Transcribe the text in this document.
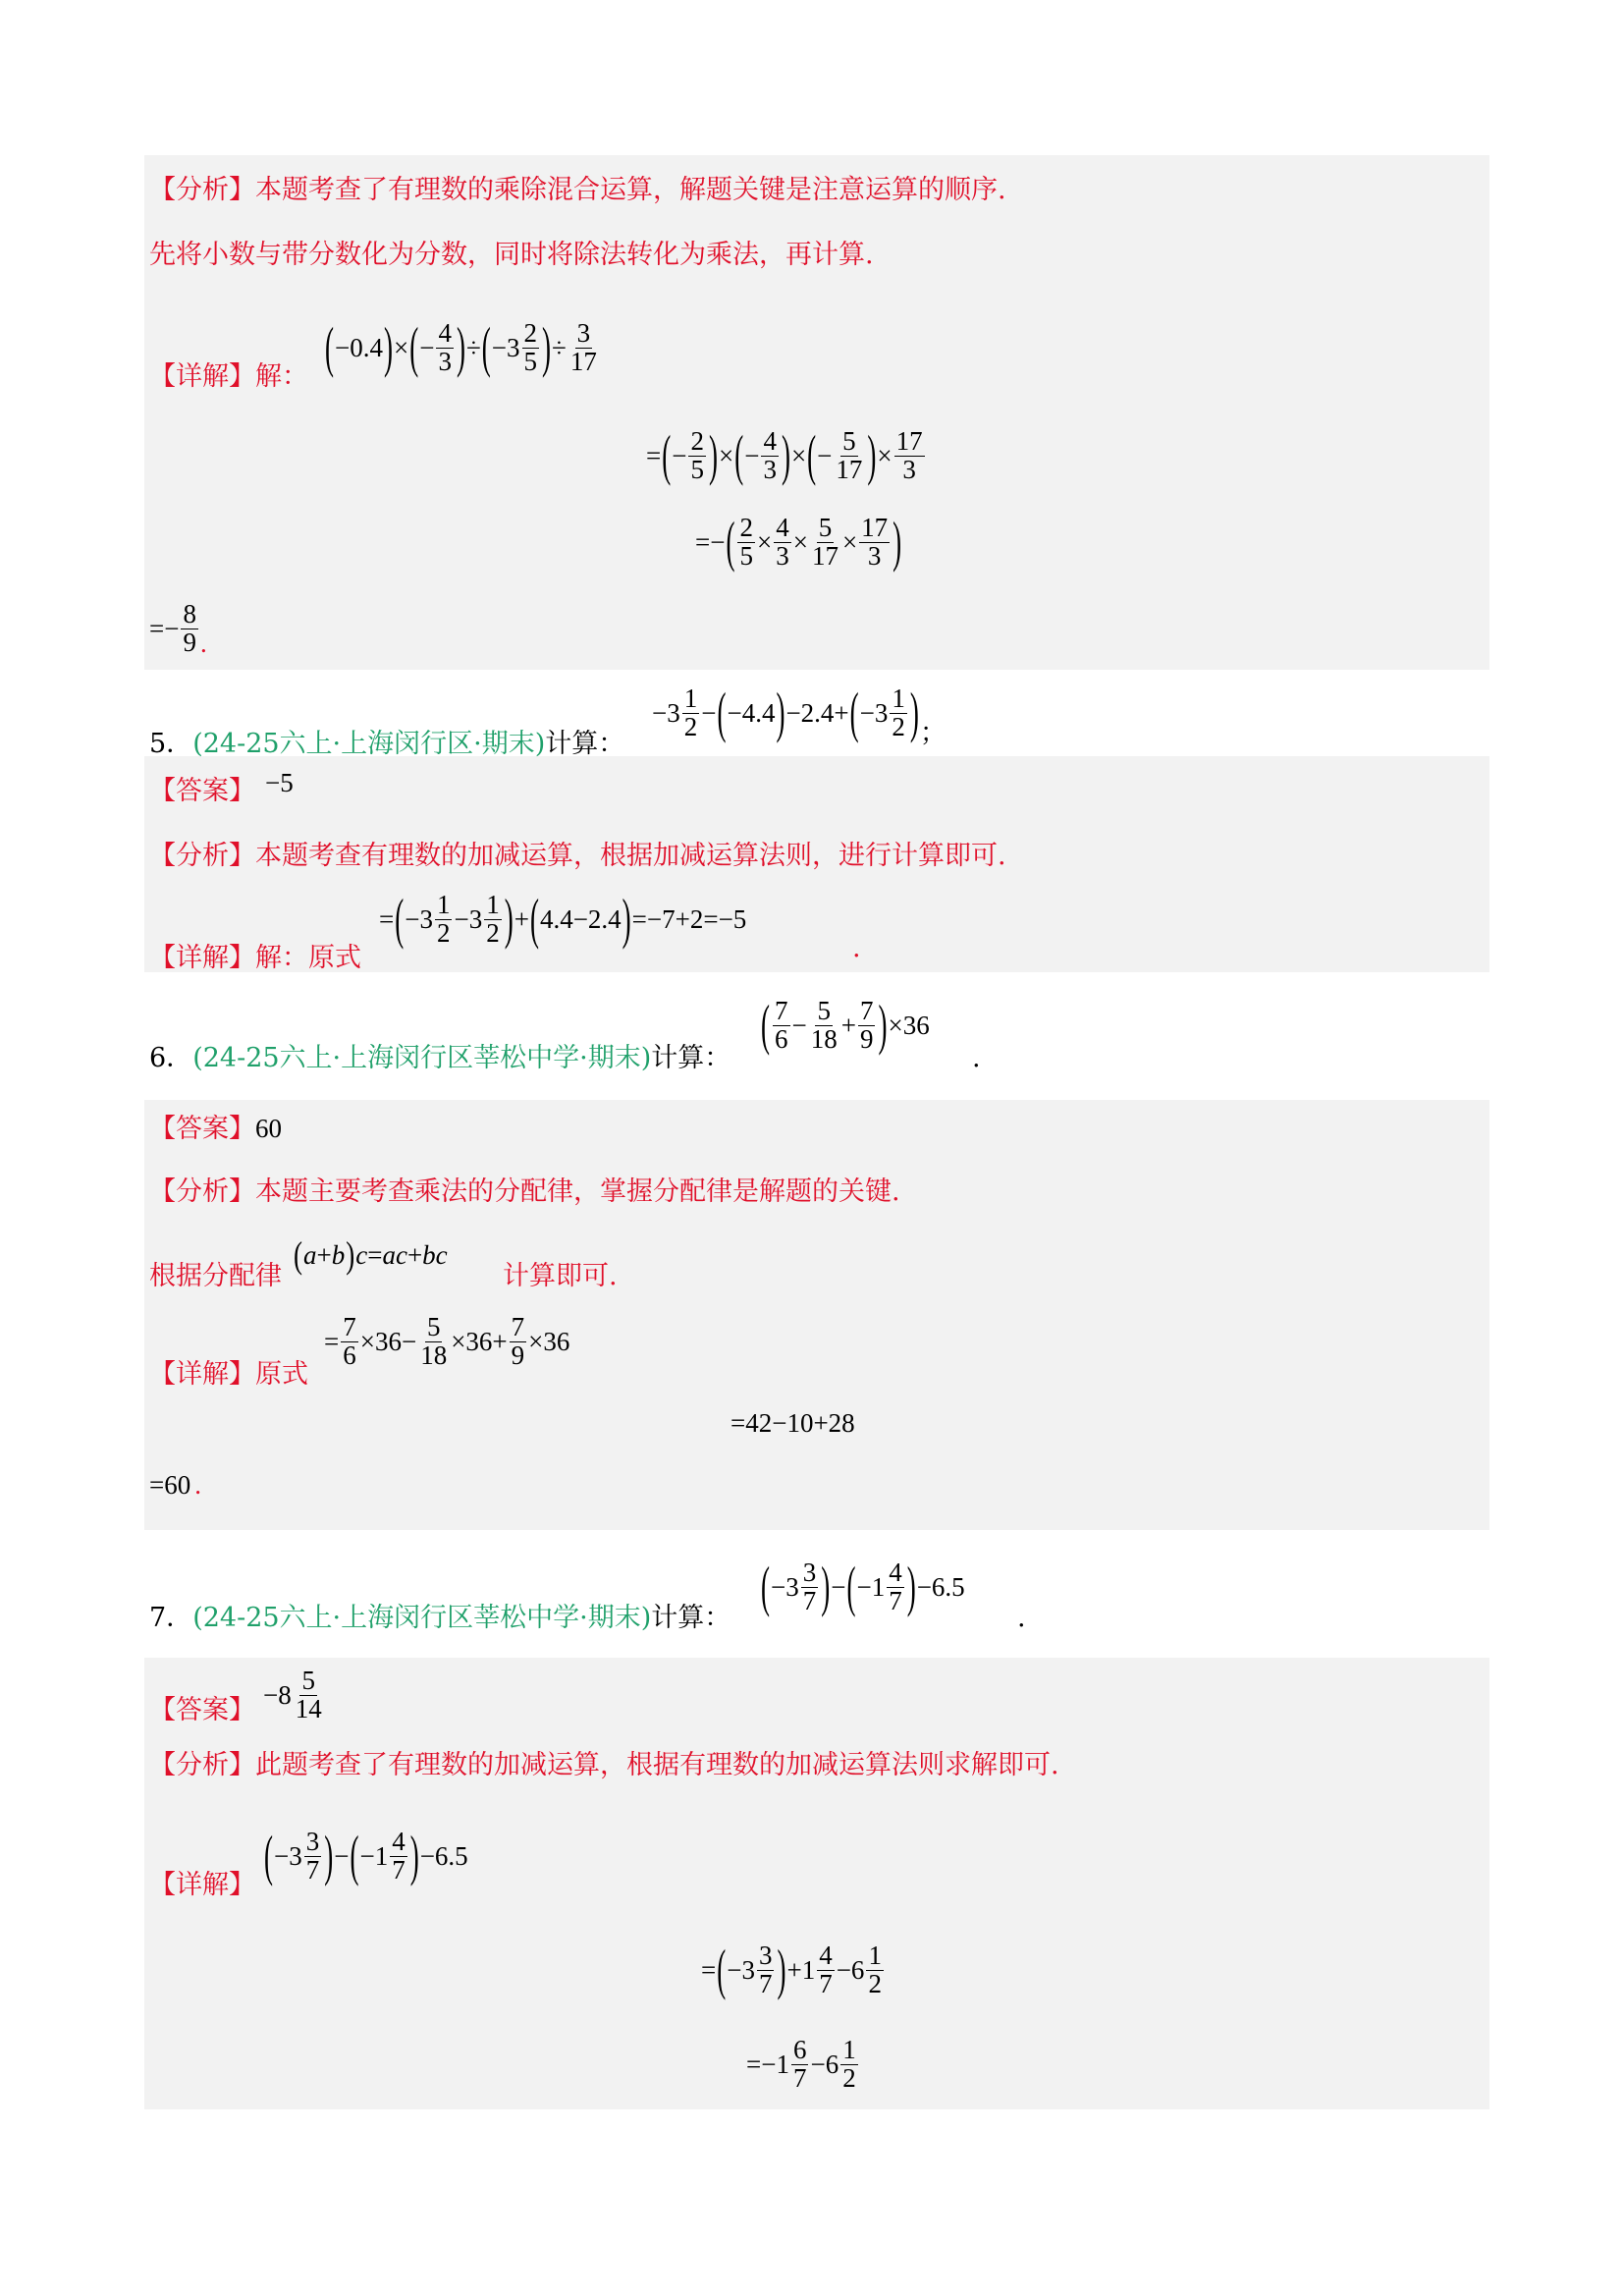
【分析】本题考查了有理数的乘除混合运算，解题关键是注意运算的顺序.
先将小数与带分数化为分数，同时将除法转化为乘法，再计算.
【详解】解： ( −0.4 ) × ( − 4
3 ) ÷ ( −3 2
5 ) ÷ 3
17
= ( − 2
5 ) × ( − 4
3 ) × ( − 5
17 ) × 17
3
=− ( 2
5 × 4
3 × 5
17 × 17
3 )
=− 8
9 .
5．(24-25六上·上海闵行区·期末)计算：
−3 1
2 − ( −4.4 ) −2.4+ ( −3 1
2 ) ；
【答案】 −5
【分析】本题考查有理数的加减运算，根据加减运算法则，进行计算即可.
【详解】解：原式
= ( −3 1
2 −3 1
2 ) + ( 4.4−2.4 ) =−7+2=−5
.
6．(24-25六上·上海闵行区莘松中学·期末)计算：
( 7
6 − 5
18 + 7
9 ) ×36
.
【答案】60
【分析】本题主要考查乘法的分配律，掌握分配律是解题的关键.
根据分配律
( a + b ) c = ac + bc
计算即可.
【详解】原式
= 7
6 ×36− 5
18 ×36+ 7
9 ×36
=42−10+28
=60 .
7．(24-25六上·上海闵行区莘松中学·期末)计算：
( −3 3
7 ) − ( −1 4
7 ) −6.5
.
【答案】
−8 5
14
【分析】此题考查了有理数的加减运算，根据有理数的加减运算法则求解即可.
【详解】 ( −3 3
7 ) − ( −1 4
7 ) −6.5
= ( −3 3
7 ) +1 4
7 −6 1
2
=−1 6
7 −6 1
2
